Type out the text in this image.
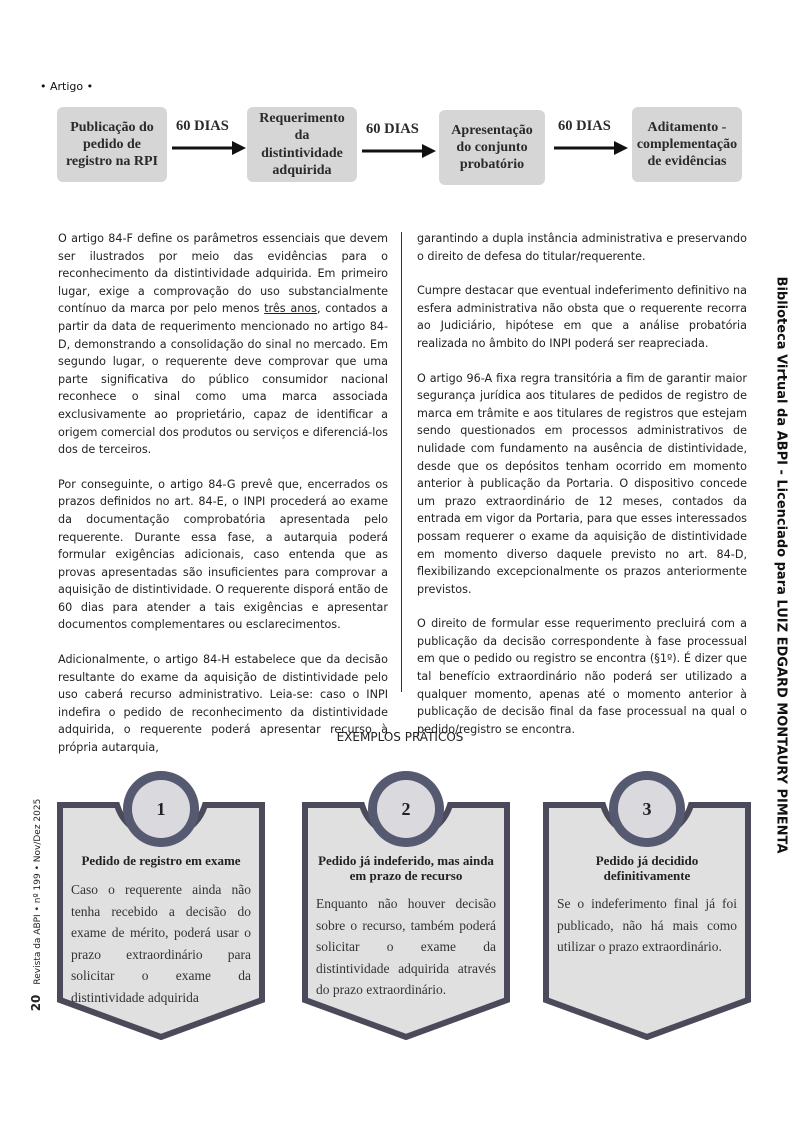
• Artigo •
Publicação do pedido de registro na RPI
60 DIAS	Requerimento da distintividade adquirida
60 DIAS	Apresentação do conjunto probatório
60 DIAS	Aditamento - complementação de evidências

O artigo 84-F define os parâmetros essenciais que devem ser ilustrados por meio das evidências para o reconhecimento da distintividade adquirida. Em primeiro lugar, exige a comprovação do uso substancialmente contínuo da marca por pelo menos três anos, contados a partir da data de requerimento mencionado no artigo 84-D, demonstrando a consolidação do sinal no mercado. Em segundo lugar, o requerente deve comprovar que uma parte significativa do público consumidor nacional reconhece o sinal como uma marca associada exclusivamente ao proprietário, capaz de identificar a origem comercial dos produtos ou serviços e diferenciá-los dos de terceiros.

Por conseguinte, o artigo 84-G prevê que, encerrados os prazos definidos no art. 84-E, o INPI procederá ao exame da documentação comprobatória apresentada pelo requerente. Durante essa fase, a autarquia poderá formular exigências adicionais, caso entenda que as provas apresentadas são insuficientes para comprovar a aquisição de distintividade. O requerente disporá então de 60 dias para atender a tais exigências e apresentar documentos complementares ou esclarecimentos.

Adicionalmente, o artigo 84-H estabelece que da decisão resultante do exame da aquisição de distintividade pelo uso caberá recurso administrativo. Leia-se: caso o INPI indefira o pedido de reconhecimento da distintividade adquirida, o requerente poderá apresentar recurso à própria autarquia,

garantindo a dupla instância administrativa e preservando o direito de defesa do titular/requerente.

Cumpre destacar que eventual indeferimento definitivo na esfera administrativa não obsta que o requerente recorra ao Judiciário, hipótese em que a análise probatória realizada no âmbito do INPI poderá ser reapreciada.

O artigo 96-A fixa regra transitória a fim de garantir maior segurança jurídica aos titulares de pedidos de registro de marca em trâmite e aos titulares de registros que estejam sendo questionados em processos administrativos de nulidade com fundamento na ausência de distintividade, desde que os depósitos tenham ocorrido em momento anterior à publicação da Portaria. O dispositivo concede um prazo extraordinário de 12 meses, contados da entrada em vigor da Portaria, para que esses interessados possam requerer o exame da aquisição de distintividade em momento diverso daquele previsto no art. 84-D, flexibilizando excepcionalmente os prazos anteriormente previstos.

O direito de formular esse requerimento precluirá com a publicação da decisão correspondente à fase processual em que o pedido ou registro se encontra (§1º). É dizer que tal benefício extraordinário não poderá ser utilizado a qualquer momento, apenas até o momento anterior à publicação de decisão final da fase processual na qual o pedido/registro se encontra.	Biblioteca Virtual da ABPI - Licenciado para LUIZ EDGARD MONTAURY PIMENTA
20Revista da ABPI • nº 199 • Nov/Dez 2025
EXEMPLOS PRÁTICOS
1
Pedido de registro em exame
Caso o requerente ainda não tenha recebido a decisão do exame de mérito, poderá usar o prazo extraordinário para solicitar o exame da distintividade adquirida
2
Pedido já indeferido, mas ainda em prazo de recurso
Enquanto não houver decisão sobre o recurso, também poderá solicitar o exame da distintividade adquirida através do prazo extraordinário.
3
Pedido já decidido definitivamente
Se o indeferimento final já foi publicado, não há mais como utilizar o prazo extraordinário.
